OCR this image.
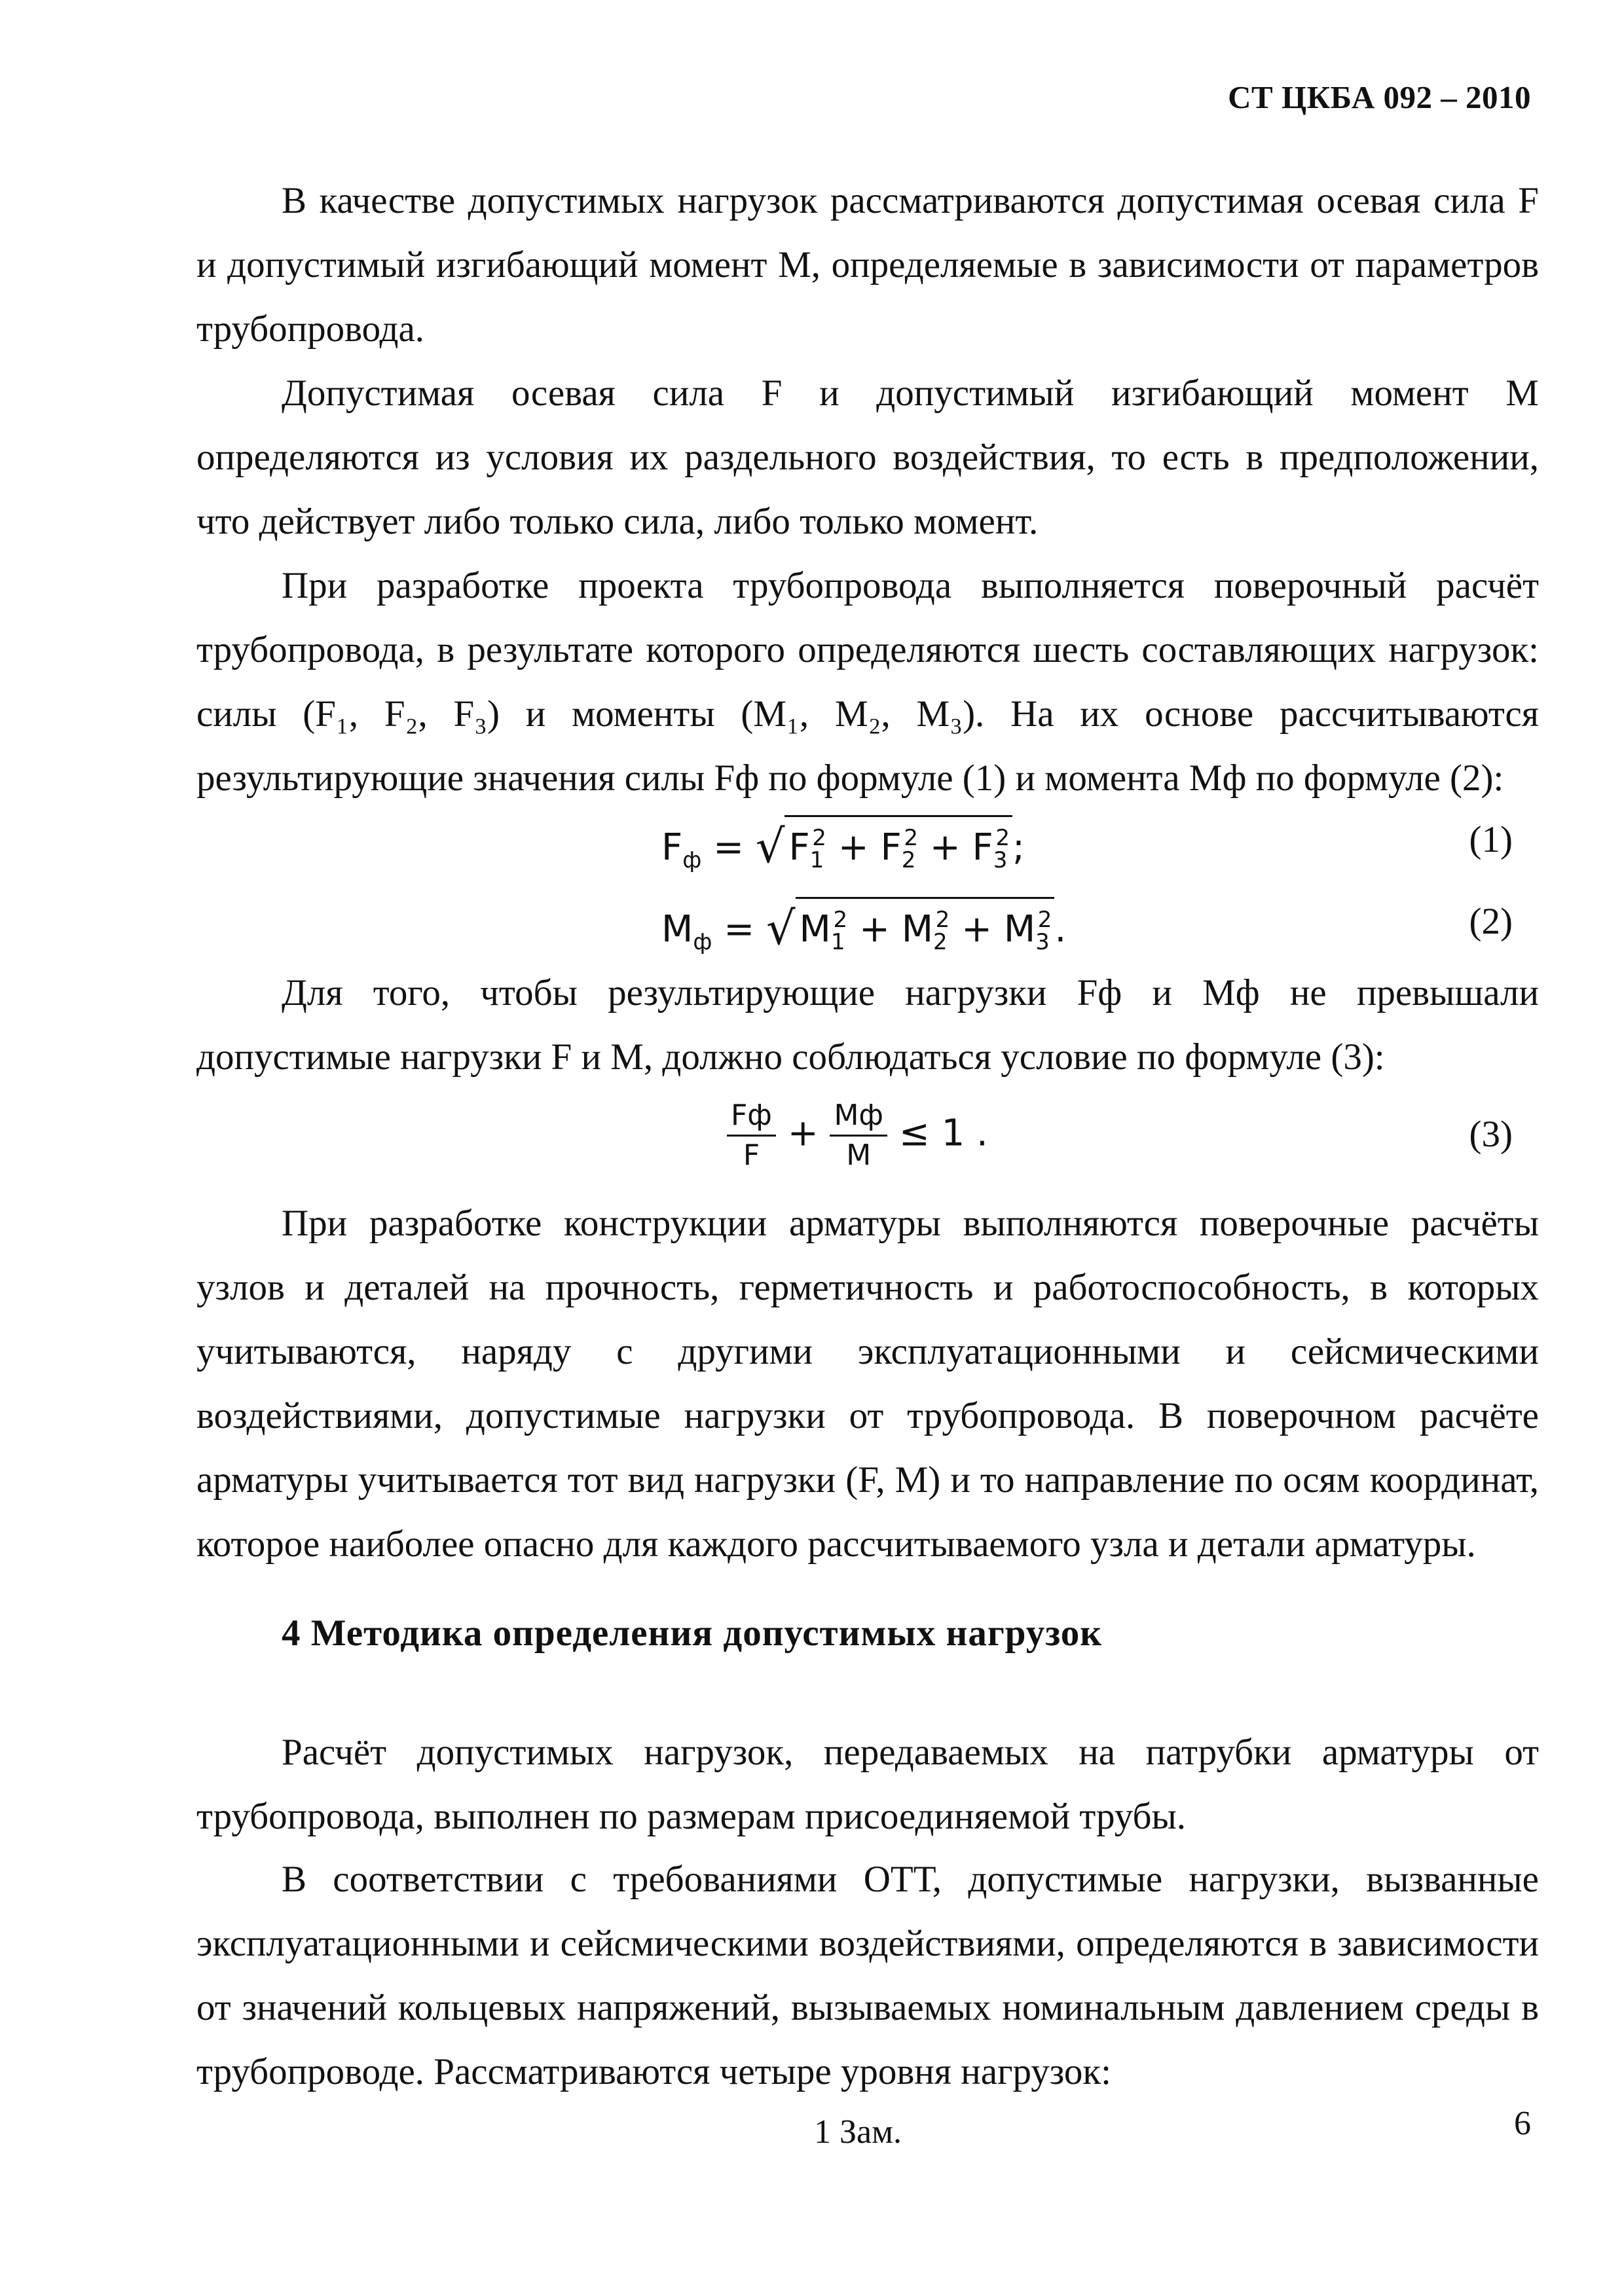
СТ ЦКБА 092 – 2010

В качестве допустимых нагрузок рассматриваются допустимая осевая сила F и допустимый изгибающий момент M, определяемые в зависимости от параметров трубопровода.

Допустимая осевая сила F и допустимый изгибающий момент M определяются из условия их раздельного воздействия, то есть в предположении, что действует либо только сила, либо только момент.

При разработке проекта трубопровода выполняется поверочный расчёт трубопровода, в результате которого определяются шесть составляющих нагрузок: силы (F₁, F₂, F₃) и моменты (M₁, M₂, M₃). На их основе рассчитываются результирующие значения силы Fф по формуле (1) и момента Mф по формуле (2):

$F_ф$ = √ $F_1^2 + F_2^2 + F_3^2$;	(1)
$M_ф$ = √ $M_1^2 + M_2^2 + M_3^2$.	(2)

Для того, чтобы результирующие нагрузки Fф и Mф не превышали допустимые нагрузки F и M, должно соблюдаться условие по формуле (3):

$\frac{Fф}{F} + \frac{Mф}{M} \le 1$ .	(3)

При разработке конструкции арматуры выполняются поверочные расчёты узлов и деталей на прочность, герметичность и работоспособность, в которых учитываются, наряду с другими эксплуатационными и сейсмическими воздействиями, допустимые нагрузки от трубопровода. В поверочном расчёте арматуры учитывается тот вид нагрузки (F, M) и то направление по осям координат, которое наиболее опасно для каждого рассчитываемого узла и детали арматуры.

4 Методика определения допустимых нагрузок

Расчёт допустимых нагрузок, передаваемых на патрубки арматуры от трубопровода, выполнен по размерам присоединяемой трубы.

В соответствии с требованиями ОТТ, допустимые нагрузки, вызванные эксплуатационными и сейсмическими воздействиями, определяются в зависимости от значений кольцевых напряжений, вызываемых номинальным давлением среды в трубопроводе. Рассматриваются четыре уровня нагрузок:

1 Зам.	6
